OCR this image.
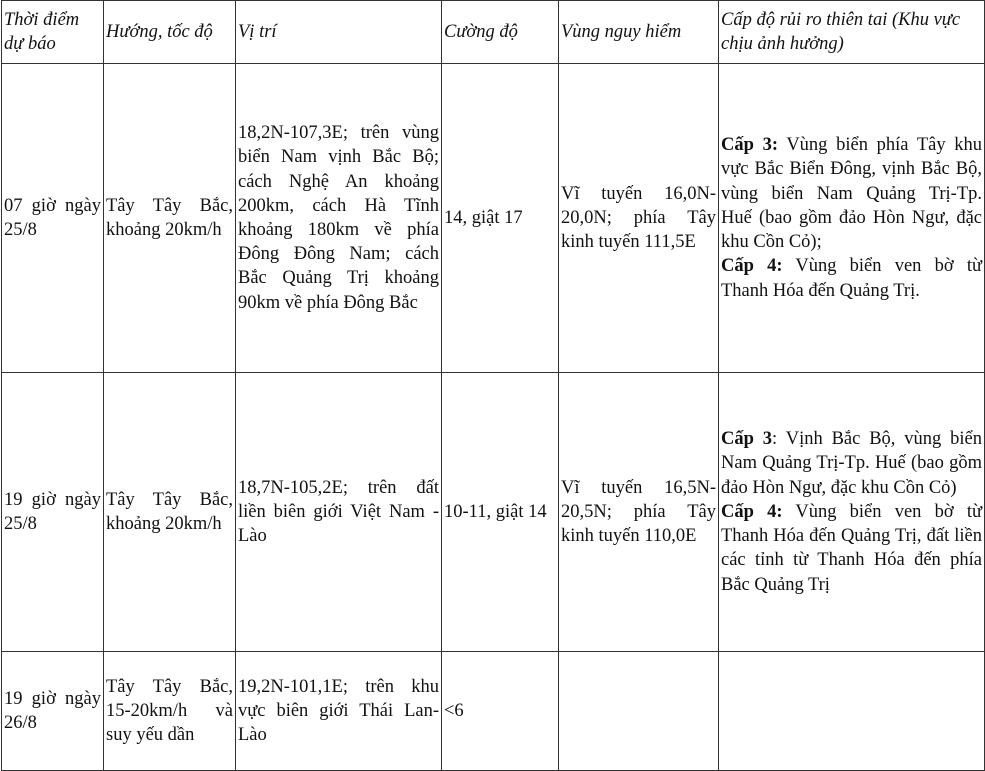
Thời điểm dự báo	Hướng, tốc độ	Vị trí	Cường độ	Vùng nguy hiểm	Cấp độ rủi ro thiên tai (Khu vực chịu ảnh hưởng)
07 giờ ngày 25/8	Tây Tây Bắc, khoảng 20km/h	18,2N-107,3E; trên vùng biển Nam vịnh Bắc Bộ; cách Nghệ An khoảng 200km, cách Hà Tĩnh khoảng 180km về phía Đông Đông Nam; cách Bắc Quảng Trị khoảng 90km về phía Đông Bắc	14, giật 17	Vĩ tuyến 16,0N-20,0N; phía Tây kinh tuyến 111,5E	Cấp 3: Vùng biển phía Tây khu vực Bắc Biển Đông, vịnh Bắc Bộ, vùng biển Nam Quảng Trị-Tp. Huế (bao gồm đảo Hòn Ngư, đặc khu Cồn Cỏ);

Cấp 4: Vùng biển ven bờ từ Thanh Hóa đến Quảng Trị.

19 giờ ngày 25/8	Tây Tây Bắc, khoảng 20km/h	18,7N-105,2E; trên đất liền biên giới Việt Nam - Lào	10-11, giật 14	Vĩ tuyến 16,5N-20,5N; phía Tây kinh tuyến 110,0E	Cấp 3: Vịnh Bắc Bộ, vùng biển Nam Quảng Trị-Tp. Huế (bao gồm đảo Hòn Ngư, đặc khu Cồn Cỏ)

Cấp 4: Vùng biển ven bờ từ Thanh Hóa đến Quảng Trị, đất liền các tỉnh từ Thanh Hóa đến phía Bắc Quảng Trị

19 giờ ngày 26/8	Tây Tây Bắc, 15-20km/h và suy yếu dần	19,2N-101,1E; trên khu vực biên giới Thái Lan-Lào	<6		
